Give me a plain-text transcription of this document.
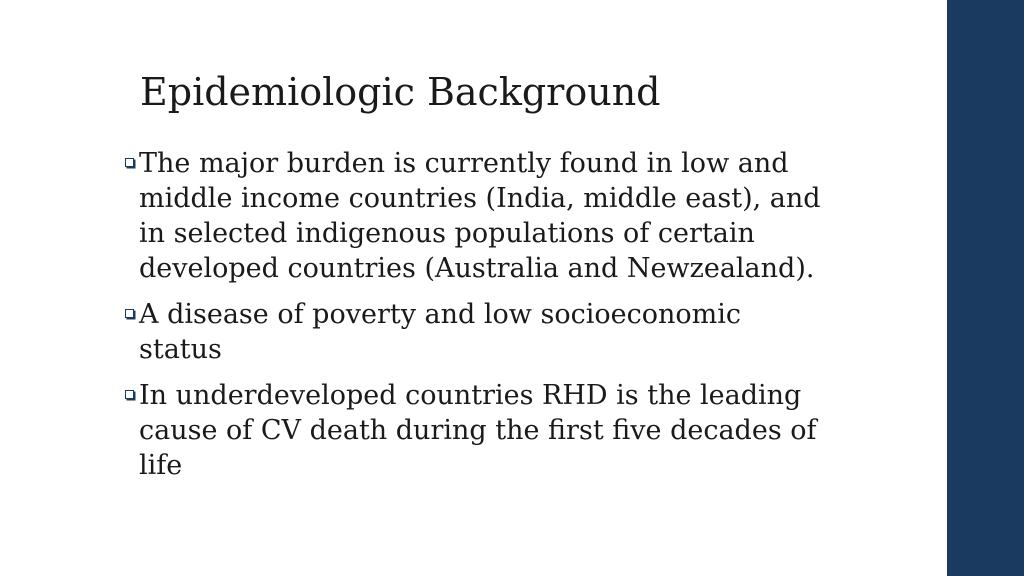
Epidemiologic Background
The major burden is currently found in low and middle income countries (India, middle east), and in selected indigenous populations of certain developed countries (Australia and Newzealand).
A disease of poverty and low socioeconomic status
In underdeveloped countries RHD is the leading cause of CV death during the first five decades of life
